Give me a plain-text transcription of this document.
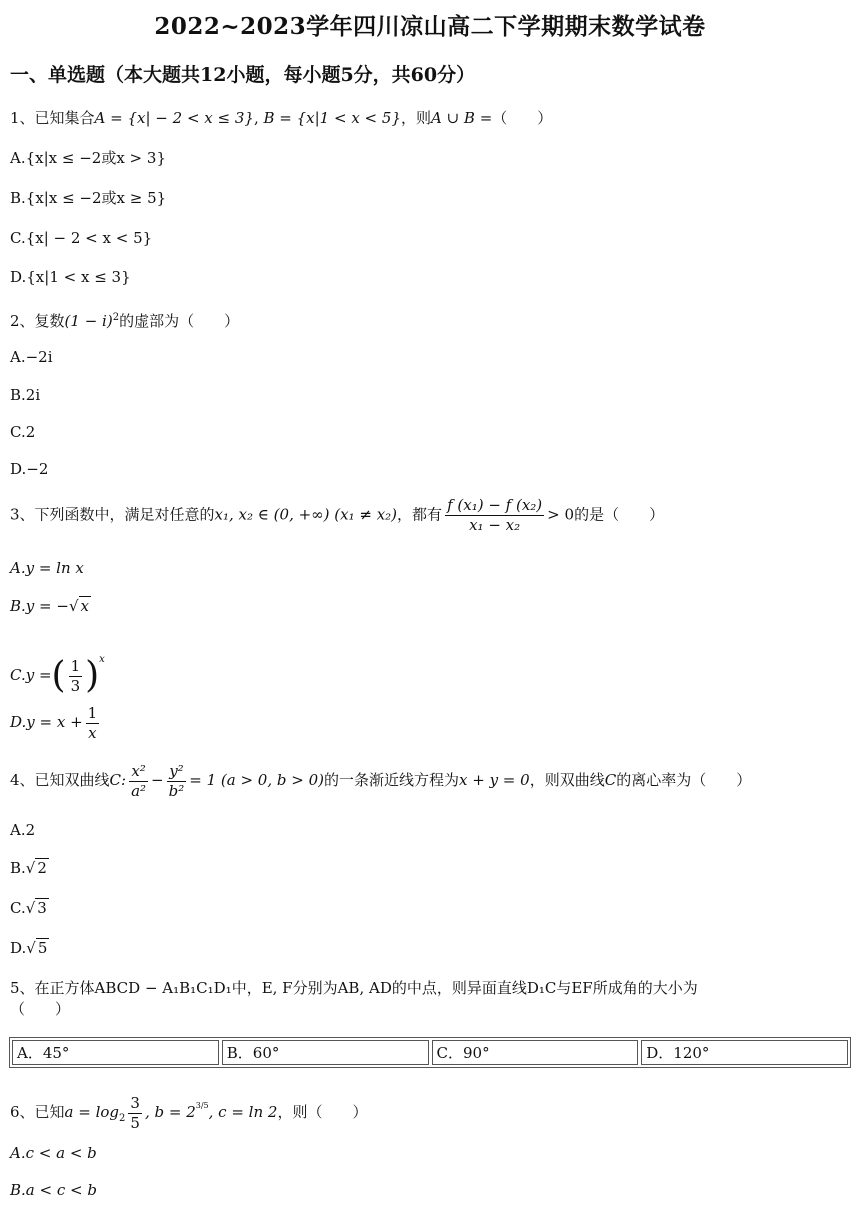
2022~2023学年四川凉山高二下学期期末数学试卷
一、单选题（本大题共12小题，每小题5分，共60分）
1、已知集合A = {x| − 2 < x ≤ 3}, B = {x|1 < x < 5}，则A ∪ B =（　　）
A.{x|x ≤ −2或x > 3}
B.{x|x ≤ −2或x ≥ 5}
C.{x| − 2 < x < 5}
D.{x|1 < x ≤ 3}
2、复数$(1 - i)^2$的虚部为（　　）
A.−2i
B.2i
C.2
D.−2
3、下列函数中，满足对任意的x₁, x₂ ∈ (0, +∞) (x₁ ≠ x₂)，都有 $\frac{\text{f (x₁) − f (x₂)}}{\text{x₁ − x₂}} > 0$的是（　　）
A.y = ln x
B.y = −√ x
C.y =( $\frac{1}{3} )^x$
$D.y = x + \frac{1}{x}$
4、已知双曲线C: $\frac{\text{x²}}{\text{a²}} - \frac{\text{y²}}{\text{b²}} = 1$ (a > 0, b > 0)的一条渐近线方程为x + y = 0，则双曲线C的离心率为（　　）
A.2
B.√ 2
C.√ 3
D.√ 5
5、在正方体ABCD − A₁B₁C₁D₁中，E, F分别为AB, AD的中点，则异面直线D₁C与EF所成角的大小为
（　　）
A．45°	B．60°	C．90°	D．120°
6、已知$a = \log_2 \frac{3}{5}$ , $b = 2^{3/5}$, c = ln 2，则（　　）
A.c < a < b
B.a < c < b
